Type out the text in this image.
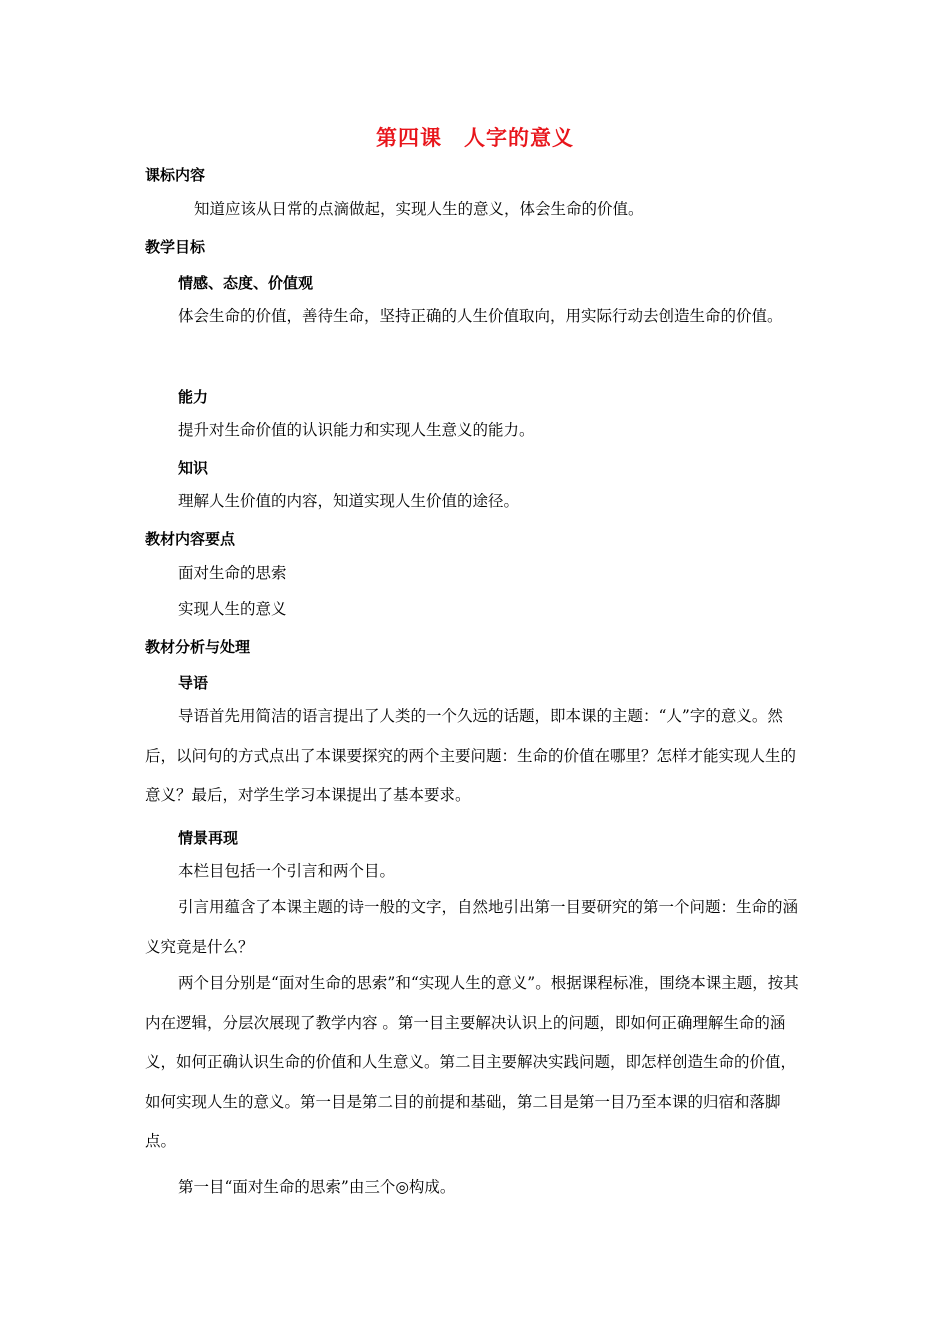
第四课　人字的意义
课标内容

知道应该从日常的点滴做起，实现人生的意义，体会生命的价值。

教学目标
情感、态度、价值观

体会生命的价值，善待生命，坚持正确的人生价值取向，用实际行动去创造生命的价值。

能力

提升对生命价值的认识能力和实现人生意义的能力。

知识

理解人生价值的内容，知道实现人生价值的途径。

教材内容要点

面对生命的思索

实现人生的意义

教材分析与处理
导语

导语首先用简洁的语言提出了人类的一个久远的话题，即本课的主题：“人”字的意义。然后，以问句的方式点出了本课要探究的两个主要问题：生命的价值在哪里？怎样才能实现人生的意义？最后，对学生学习本课提出了基本要求。

情景再现

本栏目包括一个引言和两个目。

引言用蕴含了本课主题的诗一般的文字，自然地引出第一目要研究的第一个问题：生命的涵义究竟是什么？

两个目分别是“面对生命的思索”和“实现人生的意义”。根据课程标准，围绕本课主题，按其内在逻辑，分层次展现了教学内容 。第一目主要解决认识上的问题，即如何正确理解生命的涵义，如何正确认识生命的价值和人生意义。第二目主要解决实践问题，即怎样创造生命的价值，如何实现人生的意义。第一目是第二目的前提和基础，第二目是第一目乃至本课的归宿和落脚点。

第一目“面对生命的思索”由三个◎构成。
